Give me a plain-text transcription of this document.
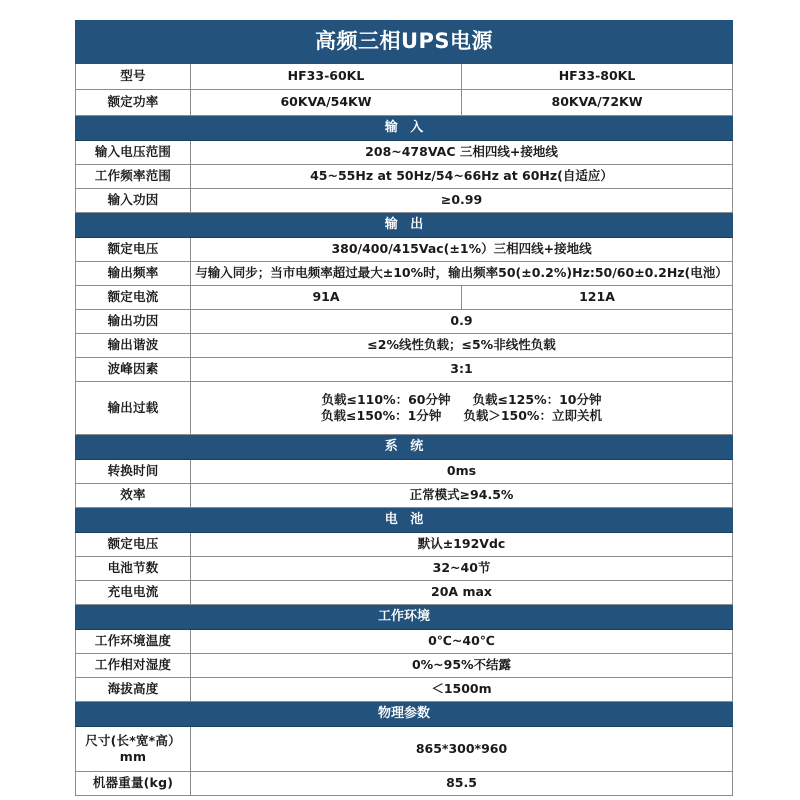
高频三相UPS电源		
型号	HF33-60KL	HF33-80KL
额定功率	60KVA/54KW	80KVA/72KW
输 入		
输入电压范围	208~478VAC 三相四线+接地线	
工作频率范围	45~55Hz at 50Hz/54~66Hz at 60Hz(自适应）	
输入功因	≥0.99	
输 出		
额定电压	380/400/415Vac(±1%）三相四线+接地线	
输出频率	与输入同步；当市电频率超过最大±10%时，输出频率50(±0.2%)Hz:50/60±0.2Hz(电池）	
额定电流	91A	121A
输出功因	0.9	
输出谐波	≤2%线性负载；≤5%非线性负载	
波峰因素	3:1	
输出过载	负载≤110%：60分钟 负载≤125%：10分钟
负载≤150%：1分钟 负载＞150%：立即关机	

系 统		
转换时间	0ms	
效率	正常模式≥94.5%	
电 池		
额定电压	默认±192Vdc	
电池节数	32~40节	
充电电流	20A max	
工作环境		
工作环境温度	0℃~40℃	
工作相对湿度	0%~95%不结露	
海拔高度	＜1500m	
物理参数		

尺寸(长*宽*高）
mm	865*300*960	
机器重量(kg)	85.5	
